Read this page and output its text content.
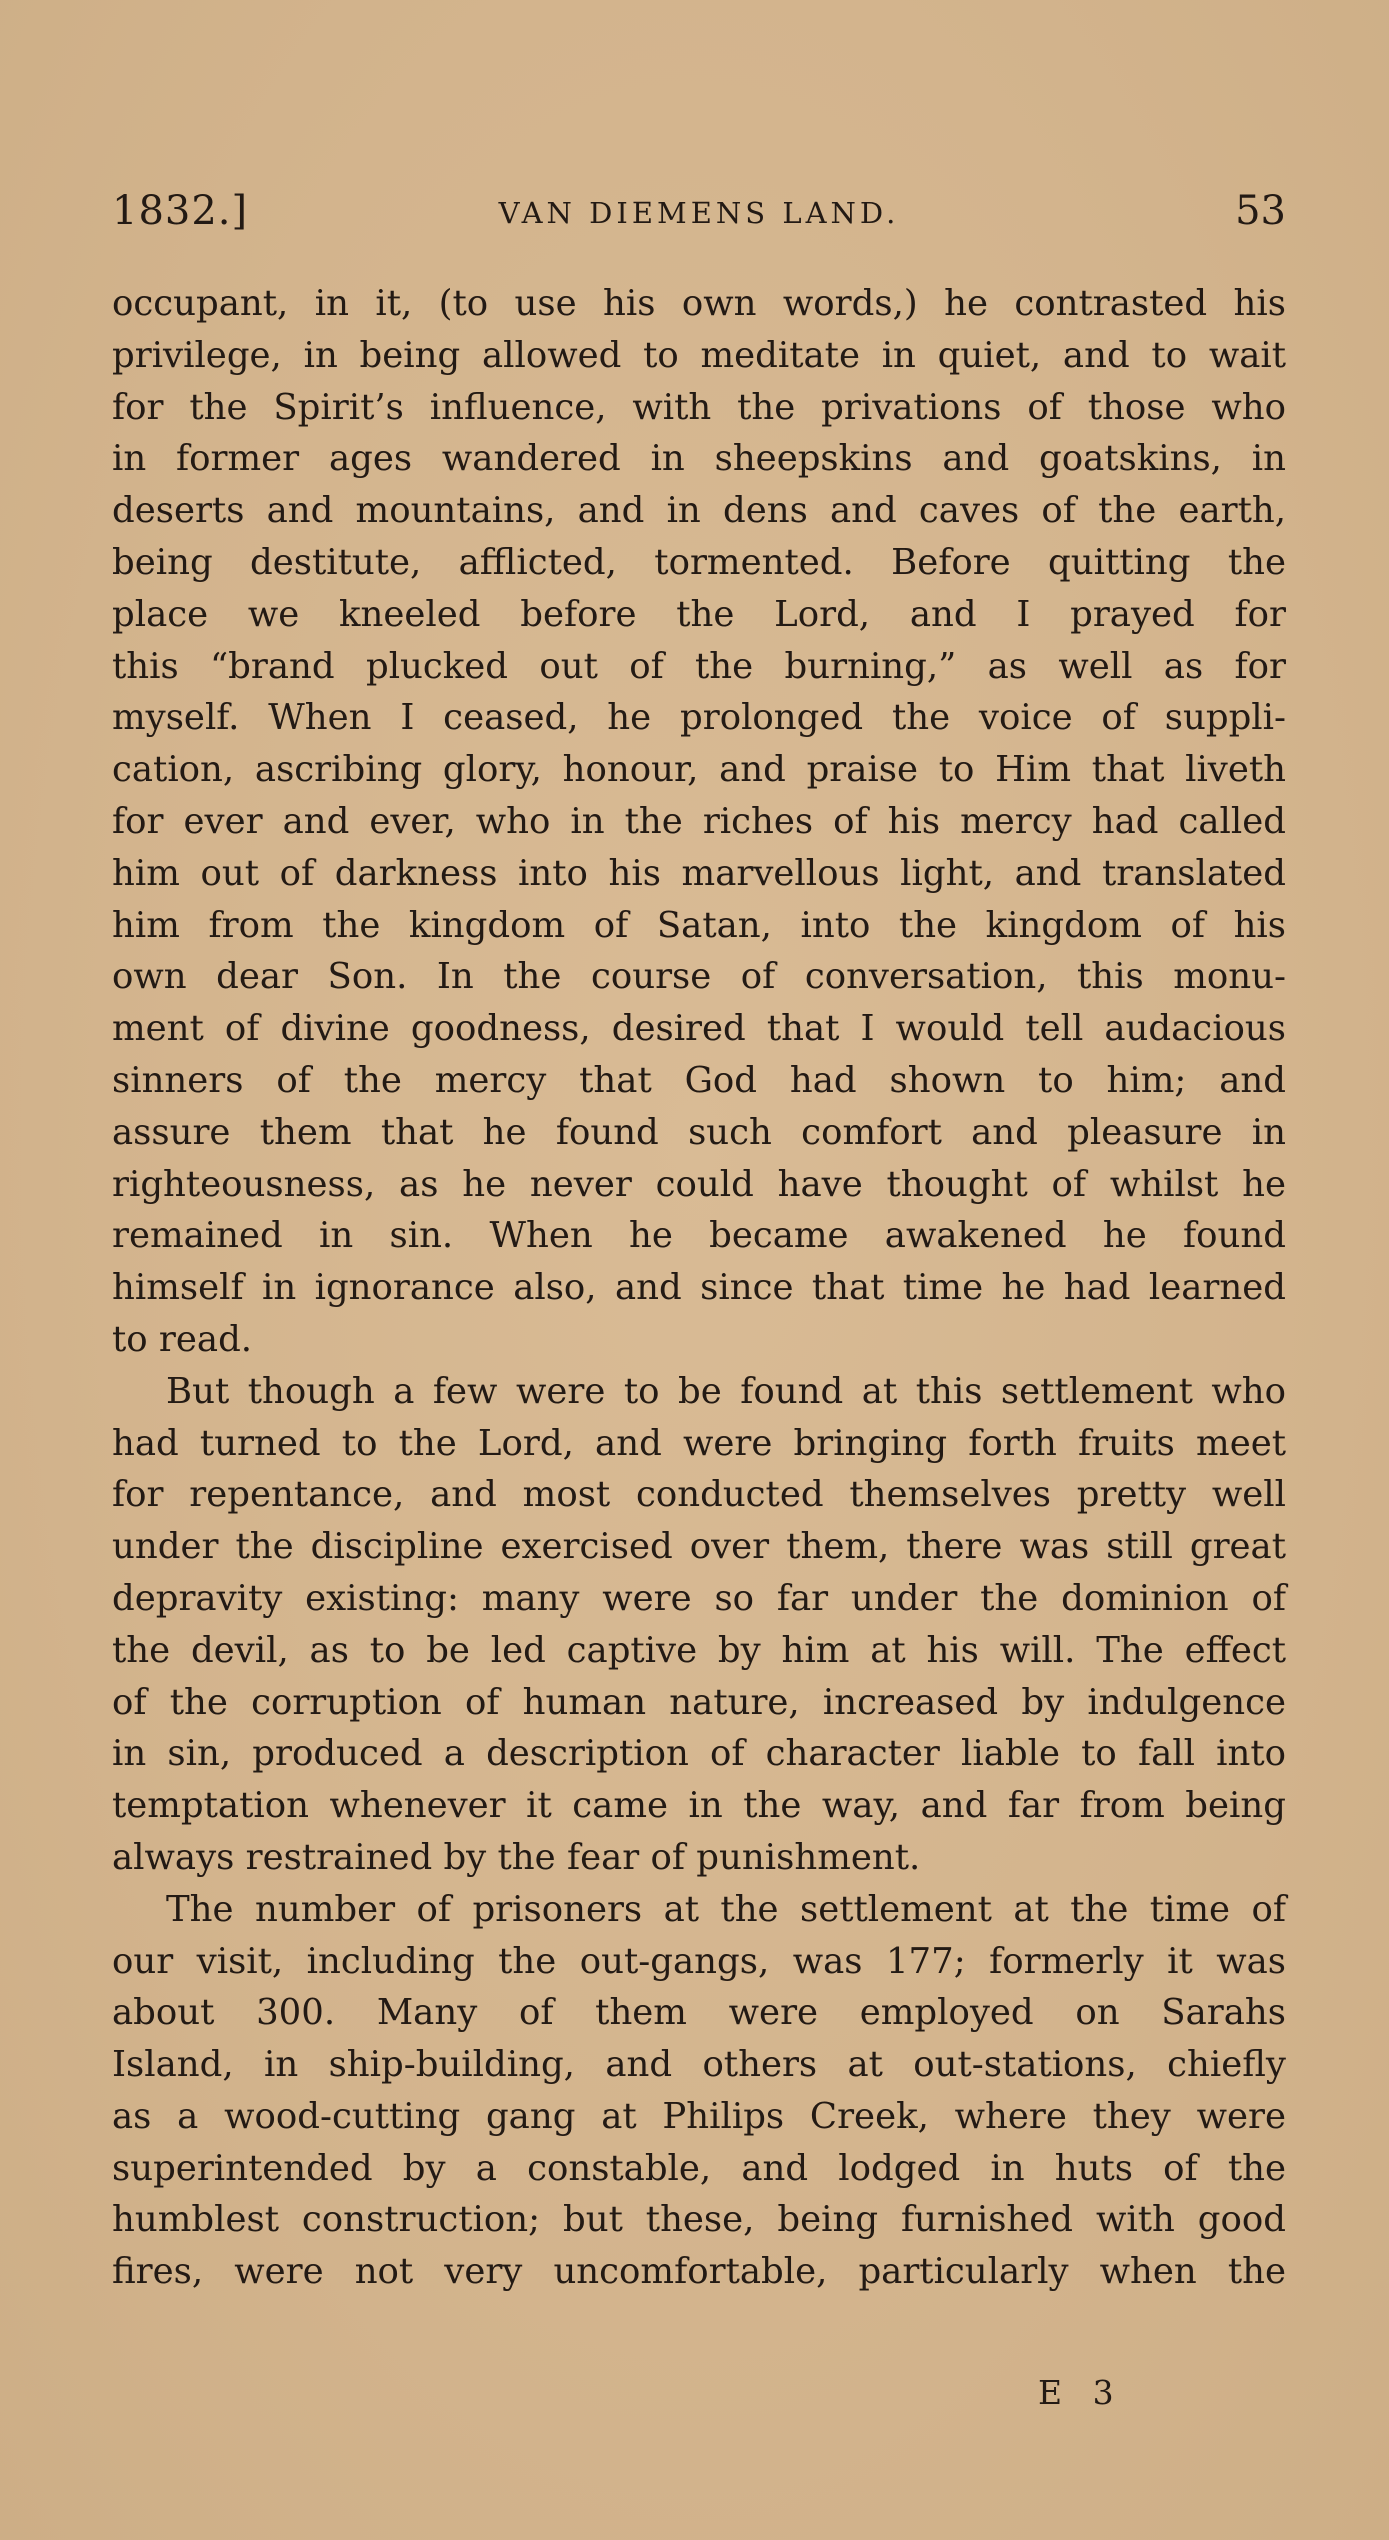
1832.]	VAN DIEMENS LAND.	53
occupant, in it, (to use his own words,) he contrasted his
privilege, in being allowed to meditate in quiet, and to wait
for the Spirit’s influence, with the privations of those who
in former ages wandered in sheepskins and goatskins, in
deserts and mountains, and in dens and caves of the earth,
being destitute, afflicted, tormented. Before quitting the
place we kneeled before the Lord, and I prayed for
this “brand plucked out of the burning,” as well as for
myself. When I ceased, he prolonged the voice of suppli-
cation, ascribing glory, honour, and praise to Him that liveth
for ever and ever, who in the riches of his mercy had called
him out of darkness into his marvellous light, and translated
him from the kingdom of Satan, into the kingdom of his
own dear Son. In the course of conversation, this monu-
ment of divine goodness, desired that I would tell audacious
sinners of the mercy that God had shown to him; and
assure them that he found such comfort and pleasure in
righteousness, as he never could have thought of whilst he
remained in sin. When he became awakened he found
himself in ignorance also, and since that time he had learned
to read.
But though a few were to be found at this settlement who
had turned to the Lord, and were bringing forth fruits meet
for repentance, and most conducted themselves pretty well
under the discipline exercised over them, there was still great
depravity existing: many were so far under the dominion of
the devil, as to be led captive by him at his will. The effect
of the corruption of human nature, increased by indulgence
in sin, produced a description of character liable to fall into
temptation whenever it came in the way, and far from being
always restrained by the fear of punishment.
The number of prisoners at the settlement at the time of
our visit, including the out-gangs, was 177; formerly it was
about 300. Many of them were employed on Sarahs
Island, in ship-building, and others at out-stations, chiefly
as a wood-cutting gang at Philips Creek, where they were
superintended by a constable, and lodged in huts of the
humblest construction; but these, being furnished with good
fires, were not very uncomfortable, particularly when the
E 3
